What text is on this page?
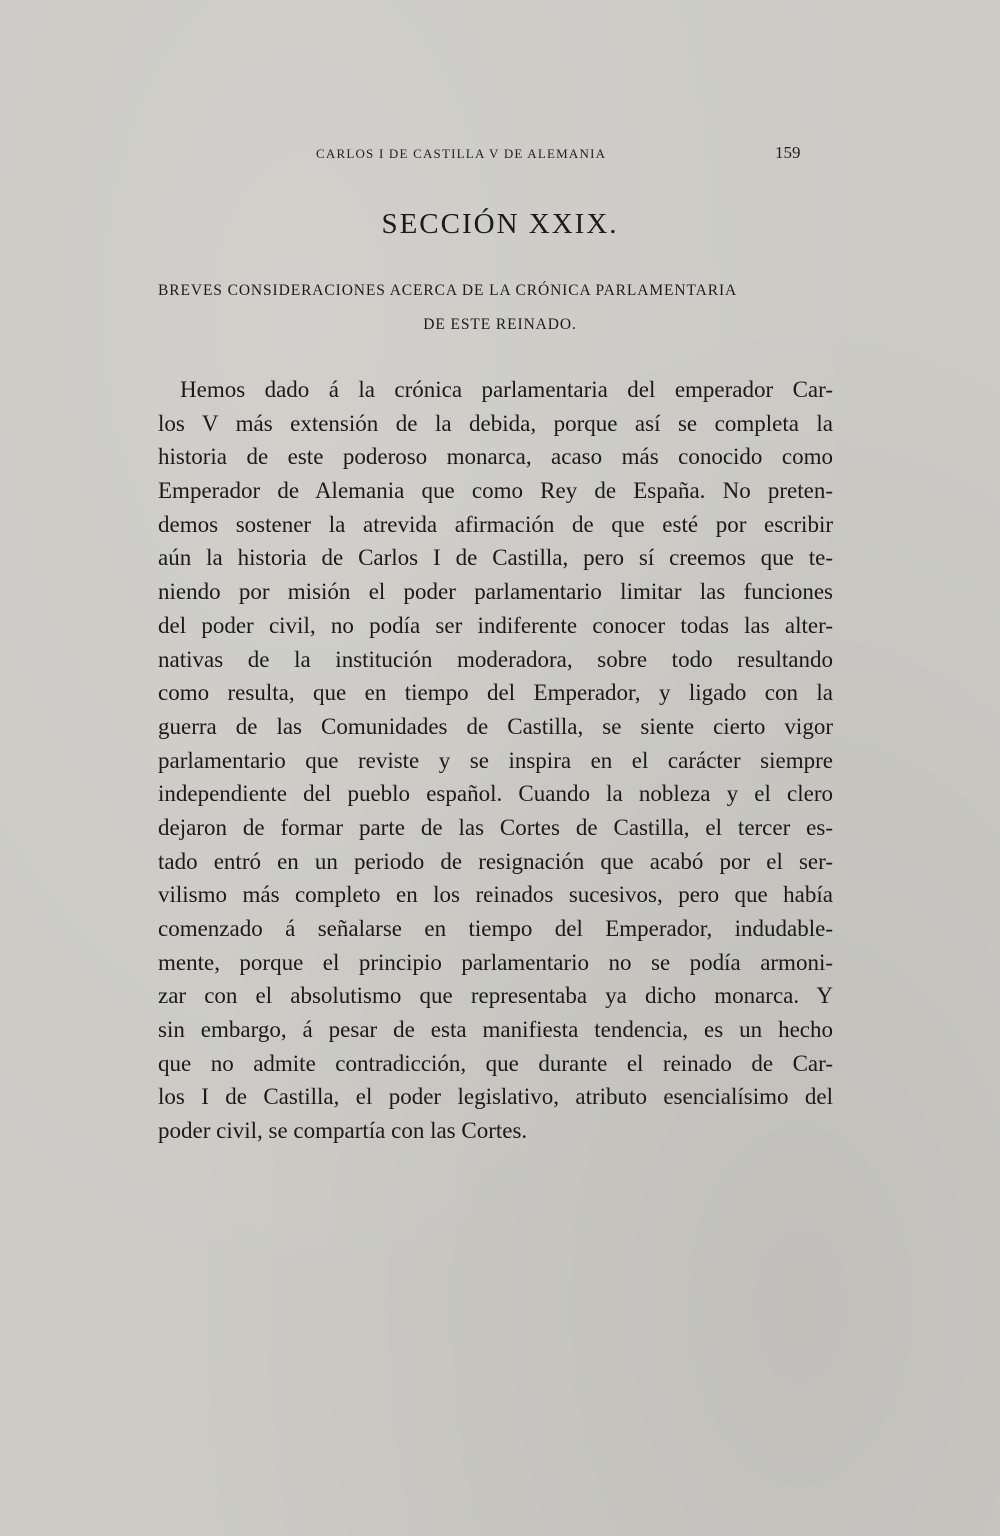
CARLOS I DE CASTILLA V DE ALEMANIA	159
SECCIÓN XXIX.
BREVES CONSIDERACIONES ACERCA DE LA CRÓNICA PARLAMENTARIA
DE ESTE REINADO.
Hemos dado á la crónica parlamentaria del emperador Car-
los V más extensión de la debida, porque así se completa la
historia de este poderoso monarca, acaso más conocido como
Emperador de Alemania que como Rey de España. No preten-
demos sostener la atrevida afirmación de que esté por escribir
aún la historia de Carlos I de Castilla, pero sí creemos que te-
niendo por misión el poder parlamentario limitar las funciones
del poder civil, no podía ser indiferente conocer todas las alter-
nativas de la institución moderadora, sobre todo resultando
como resulta, que en tiempo del Emperador, y ligado con la
guerra de las Comunidades de Castilla, se siente cierto vigor
parlamentario que reviste y se inspira en el carácter siempre
independiente del pueblo español. Cuando la nobleza y el clero
dejaron de formar parte de las Cortes de Castilla, el tercer es-
tado entró en un periodo de resignación que acabó por el ser-
vilismo más completo en los reinados sucesivos, pero que había
comenzado á señalarse en tiempo del Emperador, indudable-
mente, porque el principio parlamentario no se podía armoni-
zar con el absolutismo que representaba ya dicho monarca. Y
sin embargo, á pesar de esta manifiesta tendencia, es un hecho
que no admite contradicción, que durante el reinado de Car-
los I de Castilla, el poder legislativo, atributo esencialísimo del
poder civil, se compartía con las Cortes.
